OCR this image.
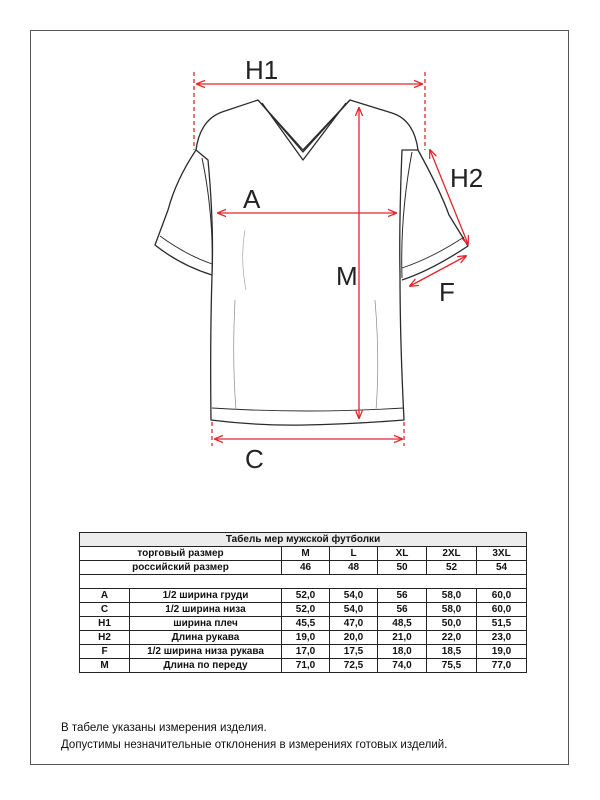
H1
H2
A
M
F
C
Табель мер мужской футболки						
торговый размер		M	L	XL	2XL	3XL
российский размер		46	48	50	52	54

A	1/2 ширина груди	52,0	54,0	56	58,0	60,0
C	1/2 ширина низа	52,0	54,0	56	58,0	60,0
H1	ширина плеч	45,5	47,0	48,5	50,0	51,5
H2	Длина рукава	19,0	20,0	21,0	22,0	23,0
F	1/2 ширина низа рукава	17,0	17,5	18,0	18,5	19,0
M	Длина по переду	71,0	72,5	74,0	75,5	77,0
В табеле указаны измерения изделия.
Допустимы незначительные отклонения в измерениях готовых изделий.
